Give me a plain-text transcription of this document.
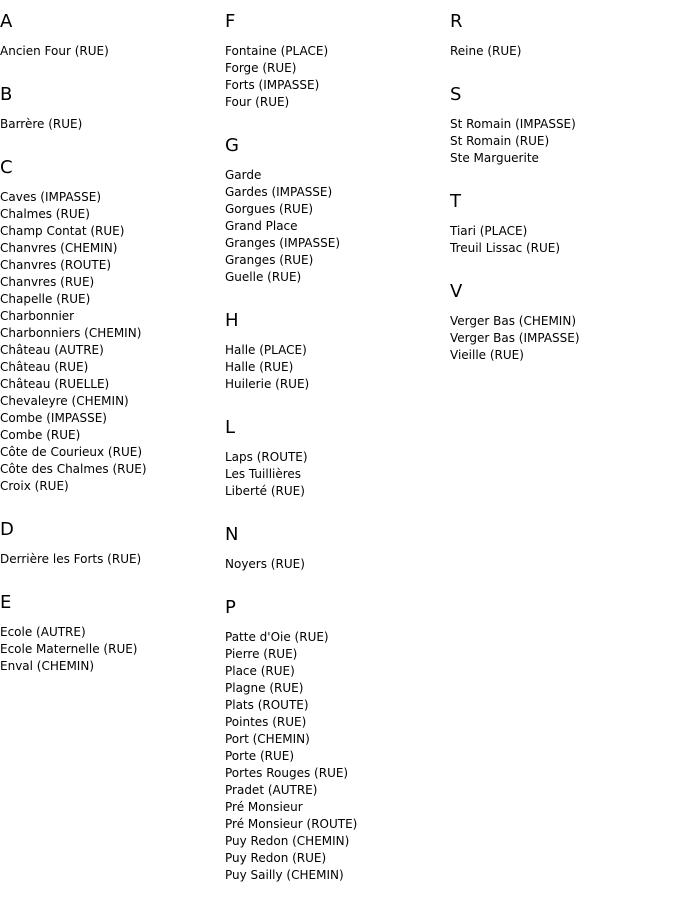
A
Ancien Four (RUE)
B
Barrère (RUE)
C
Caves (IMPASSE)
Chalmes (RUE)
Champ Contat (RUE)
Chanvres (CHEMIN)
Chanvres (ROUTE)
Chanvres (RUE)
Chapelle (RUE)
Charbonnier
Charbonniers (CHEMIN)
Château (AUTRE)
Château (RUE)
Château (RUELLE)
Chevaleyre (CHEMIN)
Combe (IMPASSE)
Combe (RUE)
Côte de Courieux (RUE)
Côte des Chalmes (RUE)
Croix (RUE)
D
Derrière les Forts (RUE)
E
Ecole (AUTRE)
Ecole Maternelle (RUE)
Enval (CHEMIN)
F
Fontaine (PLACE)
Forge (RUE)
Forts (IMPASSE)
Four (RUE)
G
Garde
Gardes (IMPASSE)
Gorgues (RUE)
Grand Place
Granges (IMPASSE)
Granges (RUE)
Guelle (RUE)
H
Halle (PLACE)
Halle (RUE)
Huilerie (RUE)
L
Laps (ROUTE)
Les Tuillières
Liberté (RUE)
N
Noyers (RUE)
P
Patte d'Oie (RUE)
Pierre (RUE)
Place (RUE)
Plagne (RUE)
Plats (ROUTE)
Pointes (RUE)
Port (CHEMIN)
Porte (RUE)
Portes Rouges (RUE)
Pradet (AUTRE)
Pré Monsieur
Pré Monsieur (ROUTE)
Puy Redon (CHEMIN)
Puy Redon (RUE)
Puy Sailly (CHEMIN)
R
Reine (RUE)
S
St Romain (IMPASSE)
St Romain (RUE)
Ste Marguerite
T
Tiari (PLACE)
Treuil Lissac (RUE)
V
Verger Bas (CHEMIN)
Verger Bas (IMPASSE)
Vieille (RUE)
